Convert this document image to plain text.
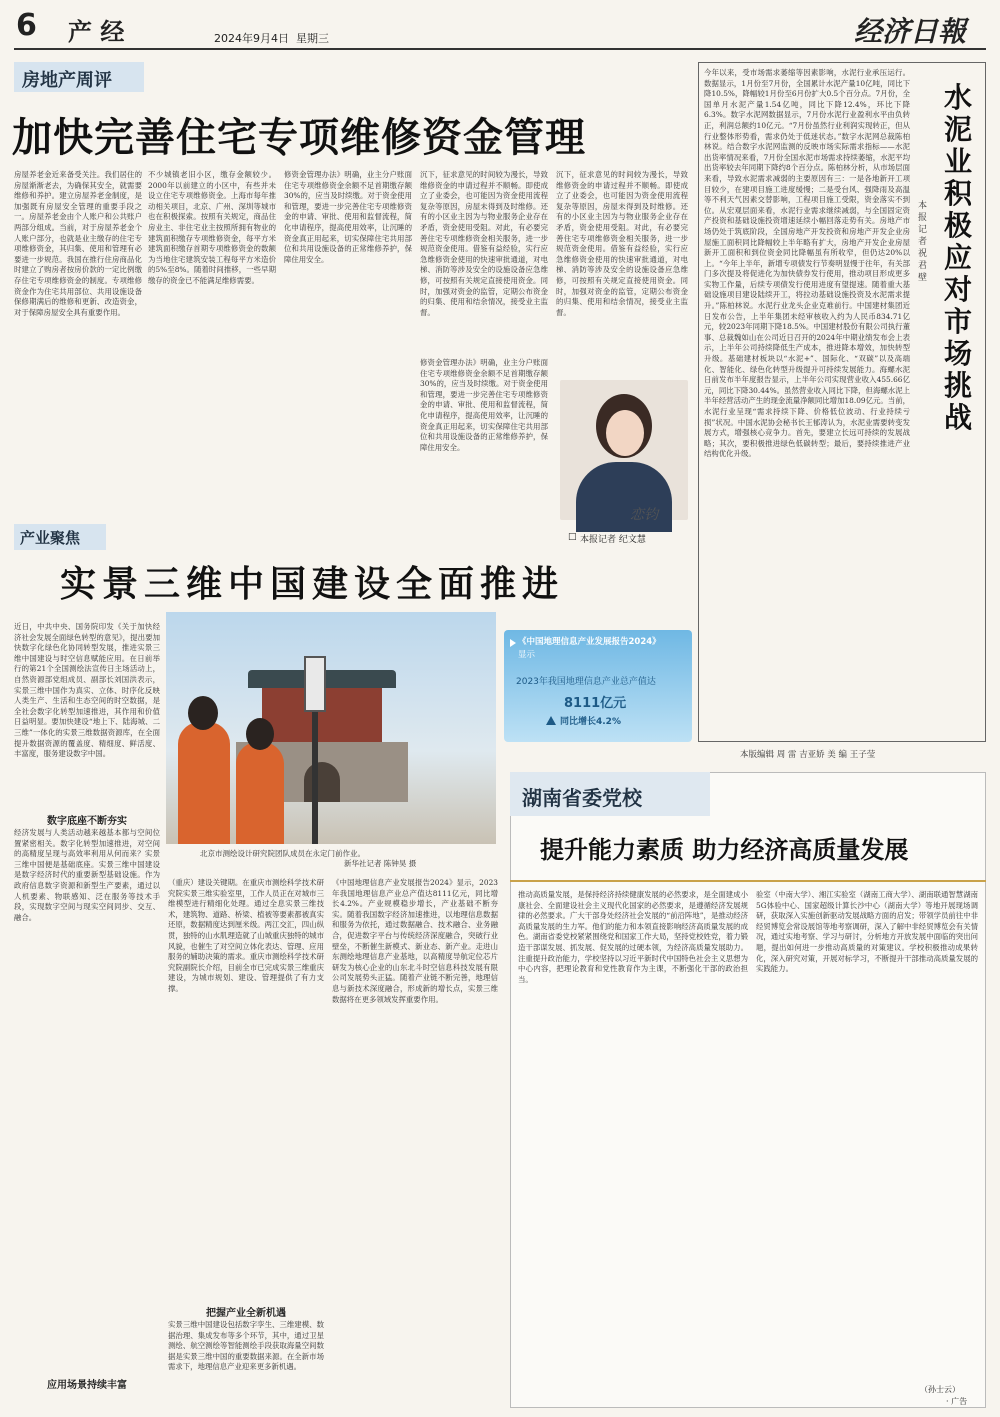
6 产 经	2024年9月4日 星期三	经济日報
房地产周评
加快完善住宅专项维修资金管理
房屋养老金近来备受关注。我们居住的房屋渐渐老去，为确保其安全，就需要维修和养护。建立房屋养老金制度，是加强既有房屋安全管理的重要手段之一。房屋养老金由个人账户和公共账户两部分组成。当前，对于房屋养老金个人账户部分，也就是业主缴存的住宅专项维修资金，其归集、使用和管理有必要进一步规范。我国在推行住房商品化时建立了购房者按房价款的一定比例缴存住宅专项维修资金的制度。专项维修资金作为住宅共用部位、共用设施设备保修期满后的维修和更新、改造资金，对于保障房屋安全具有重要作用。
不少城镇老旧小区，缴存金额较少。2000年以前建立的小区中，有些并未设立住宅专项维修资金。上海市每年推动相关项目，北京、广州、深圳等城市也在积极探索。按照有关规定，商品住房业主、非住宅业主按照所拥有物业的建筑面积缴存专项维修资金，每平方米建筑面积缴存首期专项维修资金的数额为当地住宅建筑安装工程每平方米造价的5%至8%。随着时间推移，一些早期缴存的资金已不能满足维修需要。
修资金管理办法》明确，业主分户账面住宅专项维修资金余额不足首期缴存额30%的，应当及时续缴。对于资金使用和管理，要进一步完善住宅专项维修资金的申请、审批、使用和监督流程，简化申请程序，提高使用效率，让沉睡的资金真正用起来，切实保障住宅共用部位和共用设施设备的正常维修养护，保障住用安全。
沉下，征求意见的时间较为漫长，导致维修资金的申请过程并不顺畅。即使成立了业委会，也可能因为资金使用流程复杂等原因，房屋未得到及时维修。还有的小区业主因为与物业服务企业存在矛盾，资金使用受阻。对此，有必要完善住宅专项维修资金相关服务，进一步规范资金使用。借鉴有益经验，实行应急维修资金使用的快速审批通道，对电梯、消防等涉及安全的设施设备应急维修，可按照有关规定直接使用资金。同时，加强对资金的监管，定期公布资金的归集、使用和结余情况，接受业主监督。
沉下，征求意见的时间较为漫长，导致维修资金的申请过程并不顺畅。即使成立了业委会，也可能因为资金使用流程复杂等原因，房屋未得到及时维修。还有的小区业主因为与物业服务企业存在矛盾，资金使用受阻。对此，有必要完善住宅专项维修资金相关服务，进一步规范资金使用。借鉴有益经验，实行应急维修资金使用的快速审批通道，对电梯、消防等涉及安全的设施设备应急维修，可按照有关规定直接使用资金。同时，加强对资金的监管，定期公布资金的归集、使用和结余情况，接受业主监督。
修资金管理办法》明确，业主分户账面住宅专项维修资金余额不足首期缴存额30%的，应当及时续缴。对于资金使用和管理，要进一步完善住宅专项维修资金的申请、审批、使用和监督流程，简化申请程序，提高使用效率，让沉睡的资金真正用起来，切实保障住宅共用部位和共用设施设备的正常维修养护，保障住用安全。
恋钧
产业聚焦	□ 本报记者 纪文慧
实景三维中国建设全面推进
北京市测绘设计研究院团队成员在永定门前作业。
新华社记者 陈钟昊 摄
《中国地理信息产业发展报告2024》
显示
2023年我国地理信息产业总产值达
8111亿元
同比增长4.2%
近日，中共中央、国务院印发《关于加快经济社会发展全面绿色转型的意见》，提出要加快数字化绿色化协同转型发展，推进实景三维中国建设与时空信息赋能应用。在日前举行的第21个全国测绘法宣传日主场活动上，自然资源部党组成员、副部长刘国洪表示，实景三维中国作为真实、立体、时序化反映人类生产、生活和生态空间的时空数据，是全社会数字化转型加速推进，其作用和价值日益明显。要加快建设“地上下、陆海城、二三维”一体化的实景三维数据资源库，在全面提升数据资源的覆盖度、精细度、鲜活度、丰富度，服务建设数字中国。
数字底座不断夯实
经济发展与人类活动越来越基本都与空间位置紧密相关。数字化转型加速推进，对空间的高精度呈现与高效率利用从何而来？实景三维中国便是基础底座。实景三维中国建设是数字经济时代的重要新型基础设施。作为政府信息数字资源和新型生产要素，通过以人机要素、物联感知、泛在服务等技术手段，实现数字空间与现实空间同步、交互、融合。
应用场景持续丰富
（重庆）建设关键期。在重庆市测绘科学技术研究院实景三维实验室里，工作人员正在对城市三维模型进行精细化处理。通过全息实景三维技术，建筑物、道路、桥梁、植被等要素都被真实还原，数据精度达到厘米级。两江交汇，四山纵贯，独特的山水肌理造就了山城重庆独特的城市风貌，也催生了对空间立体化表达、管理、应用服务的辅助决策的需求。重庆市测绘科学技术研究院副院长介绍，目前全市已完成实景三维重庆建设，为城市规划、建设、管理提供了有力支撑。
把握产业全新机遇
实景三维中国建设包括数字孪生、三维建模、数据治理、集成发布等多个环节，其中，通过卫星测绘、航空测绘等智能测绘手段获取海量空间数据是实景三维中国的重要数据来源。在全新市场需求下，地理信息产业迎来更多新机遇。
《中国地理信息产业发展报告2024》显示，2023年我国地理信息产业总产值达8111亿元，同比增长4.2%。产业规模稳步增长，产业基础不断夯实。随着我国数字经济加速推进，以地理信息数据和服务为依托，通过数据融合、技术融合、业务融合，促进数字平台与传统经济深度融合，突破行业壁垒，不断催生新模式、新业态、新产业。走进山东测绘地理信息产业基地，以高精度导航定位芯片研发为核心企业的山东北斗时空信息科技发展有限公司发展势头正猛。随着产业链不断完善，地理信息与新技术深度融合，形成新的增长点，实景三维数据将在更多领域发挥重要作用。
今年以来，受市场需求萎缩等因素影响，水泥行业承压运行。数据显示，1月份至7月份，全国累计水泥产量10亿吨，同比下降10.5%，降幅较1月份至6月份扩大0.5个百分点。7月份，全国单月水泥产量1.54亿吨，同比下降12.4%，环比下降6.3%。数字水泥网数据显示，7月份水泥行业盈利水平由负转正，利润总额约10亿元。“7月份虽然行业利润实现转正，但从行业整体形势看，需求仍处于低迷状态。”数字水泥网总裁陈柏林说。结合数字水泥网监测的反映市场实际需求指标——水泥出货率情况来看，7月份全国水泥市场需求持续萎缩，水泥平均出货率较去年同期下降约8个百分点。陈柏林分析，从市场层面来看，导致水泥需求减弱的主要原因有三：一是各地新开工项目较少，在建项目施工进度缓慢；二是受台风、强降雨及高温等不利天气因素交替影响，工程项目施工受限，资金落实不到位。从宏观层面来看，水泥行业需求继续减弱，与全国固定资产投资和基础设施投资增速延续小幅回落走势有关。房地产市场仍处于筑底阶段，全国房地产开发投资和房地产开发企业房屋施工面积同比降幅较上半年略有扩大，房地产开发企业房屋新开工面积和到位资金同比降幅虽有所收窄，但仍达20%以上。“今年上半年，新增专项债发行节奏明显慢于往年，有关部门多次提及将促进化为加快债券发行使用，推动项目形成更多实物工作量，后续专项债发行使用进度有望提速。随着重大基础设施项目建设陆续开工，将拉动基础设施投资及水泥需求提升。”陈柏林说。水泥行业龙头企业克难前行。中国建材集团近日发布公告，上半年集团未经审核收入约为人民币834.71亿元，较2023年同期下降18.5%。中国建材股份有限公司执行董事、总裁魏如山在公司近日召开的2024年中期业绩发布会上表示，上半年公司持续降低生产成本，推进降本增效，加快转型升级。基础建材板块以“水泥+”、国际化、“双碳”以及高端化、智能化、绿色化转型升级提升可持续发展能力。海螺水泥日前发布半年度报告显示，上半年公司实现营业收入455.66亿元，同比下降30.44%。虽然营业收入同比下降，但海螺水泥上半年经营活动产生的现金流量净额同比增加18.09亿元。当前，水泥行业呈现“需求持续下降、价格低位波动、行业持续亏损”状况。中国水泥协会秘书长王郁涛认为，水泥业需要转变发展方式，增强核心竞争力。首先，要建立长远可持续的发展战略；其次，要积极推进绿色低碳转型；最后，要持续推进产业结构优化升级。
水泥业积极应对市场挑战
本报记者 祝君壁
本版编辑 周 雷 吉亚娇 美 编 王子莹
湖南省委党校
提升能力素质 助力经济高质量发展
推动高质量发展，是保持经济持续健康发展的必然要求，是全面建成小康社会、全面建设社会主义现代化国家的必然要求，是遵循经济发展规律的必然要求。广大干部身处经济社会发展的“前沿阵地”，是推动经济高质量发展的生力军。他们的能力和本领直接影响经济高质量发展的成色。湖南省委党校紧紧围绕党和国家工作大局，坚持党校姓党，着力锻造干部谋发展、抓发展、促发展的过硬本领，为经济高质量发展助力。注重提升政治能力，学校坚持以习近平新时代中国特色社会主义思想为中心内容，把理论教育和党性教育作为主课，不断强化干部的政治担当。
验室（中南大学）、湘江实验室（湖南工商大学）、湖南联通智慧湖南5G体验中心、国家超级计算长沙中心（湖南大学）等地开展现场调研，获取深入实施创新驱动发展战略方面的启发；带领学员前往中非经贸博览会常设展馆等地考察调研，深入了解中非经贸博览会有关情况，通过实地考察、学习与研讨，分析地方开放发展中面临的突出问题，提出如何进一步推动高质量的对策建议。学校积极推动成果转化，深入研究对策，开展对标学习，不断提升干部推动高质量发展的实践能力。
（孙士云）
· 广告
